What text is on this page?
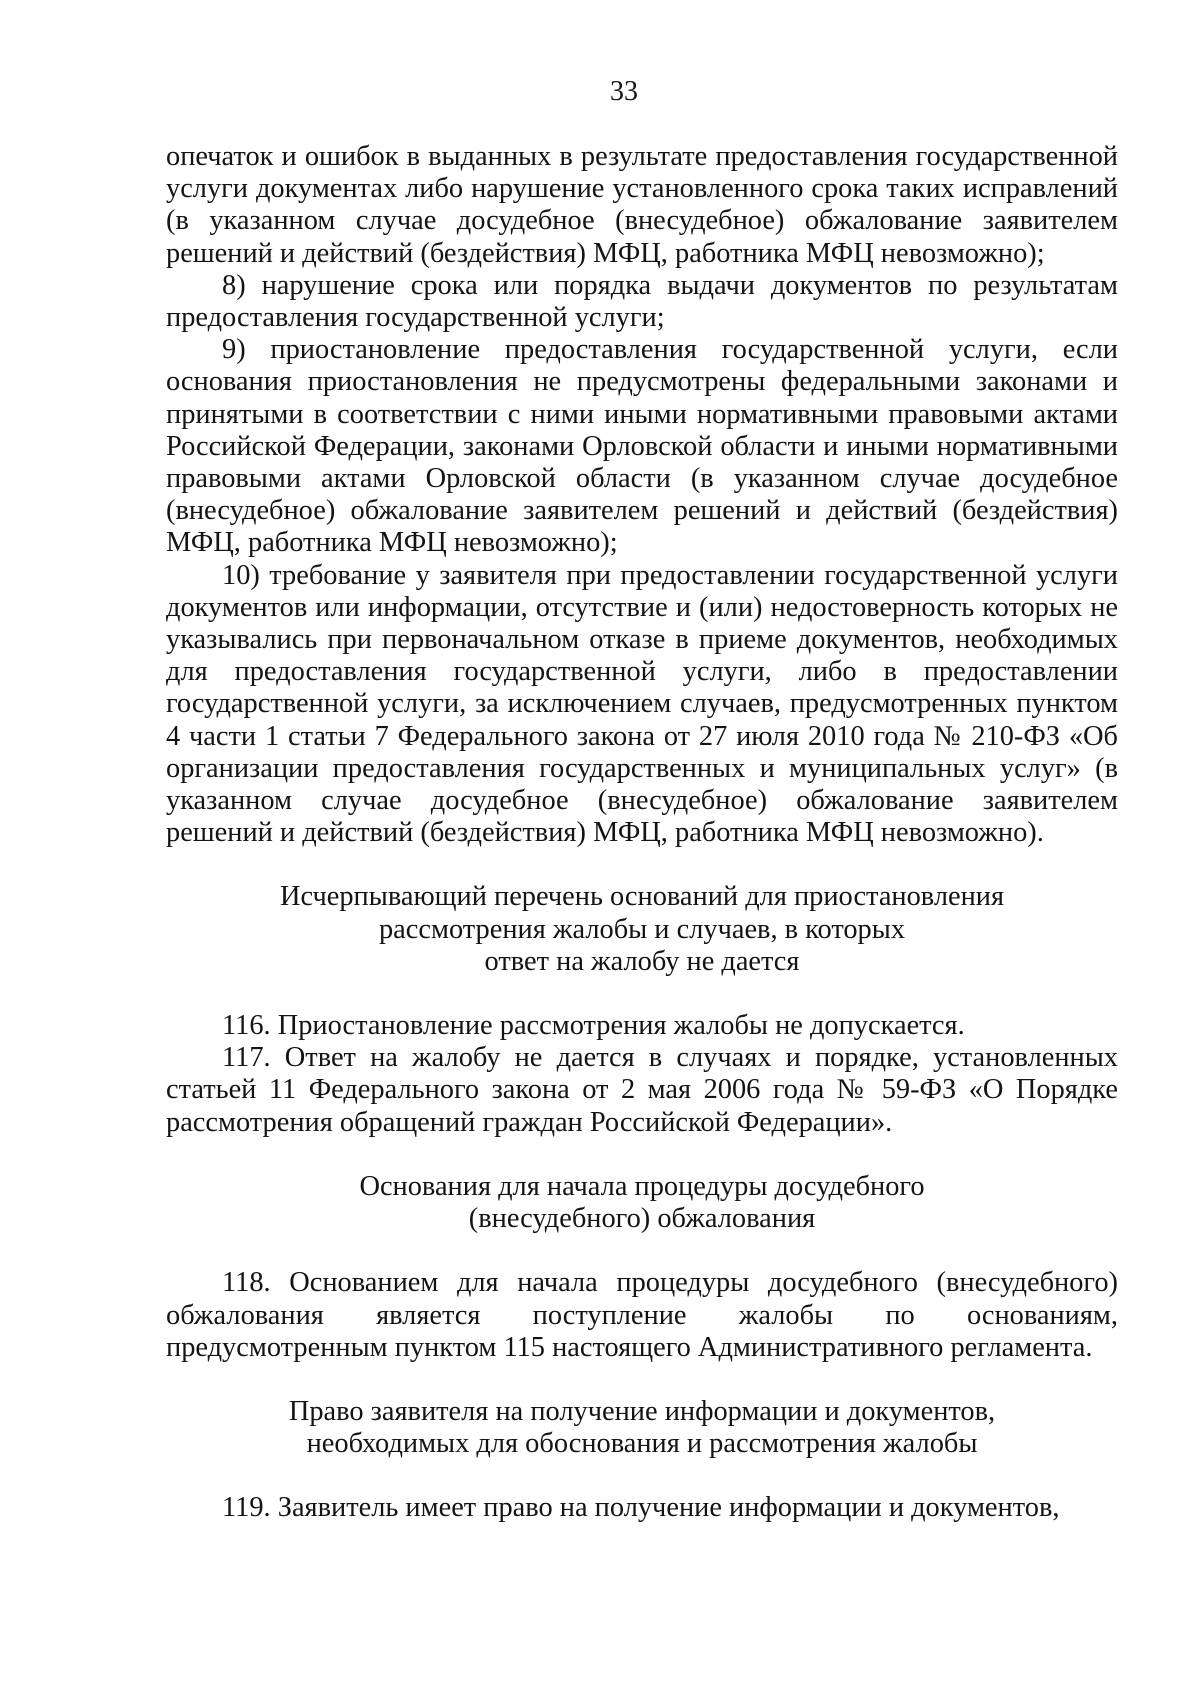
33

опечаток и ошибок в выданных в результате предоставления государственной услуги документах либо нарушение установленного срока таких исправлений (в указанном случае досудебное (внесудебное) обжалование заявителем решений и действий (бездействия) МФЦ, работника МФЦ невозможно);

8) нарушение срока или порядка выдачи документов по результатам предоставления государственной услуги;

9) приостановление предоставления государственной услуги, если основания приостановления не предусмотрены федеральными законами и принятыми в соответствии с ними иными нормативными правовыми актами Российской Федерации, законами Орловской области и иными нормативными правовыми актами Орловской области (в указанном случае досудебное (внесудебное) обжалование заявителем решений и действий (бездействия) МФЦ, работника МФЦ невозможно);

10) требование у заявителя при предоставлении государственной услуги документов или информации, отсутствие и (или) недостоверность которых не указывались при первоначальном отказе в приеме документов, необходимых для предоставления государственной услуги, либо в предоставлении государственной услуги, за исключением случаев, предусмотренных пунктом 4 части 1 статьи 7 Федерального закона от 27 июля 2010 года № 210-ФЗ «Об организации предоставления государственных и муниципальных услуг» (в указанном случае досудебное (внесудебное) обжалование заявителем решений и действий (бездействия) МФЦ, работника МФЦ невозможно).

Исчерпывающий перечень оснований для приостановления
рассмотрения жалобы и случаев, в которых
ответ на жалобу не дается

116. Приостановление рассмотрения жалобы не допускается.

117. Ответ на жалобу не дается в случаях и порядке, установленных статьей 11 Федерального закона от 2 мая 2006 года № 59-ФЗ «О Порядке рассмотрения обращений граждан Российской Федерации».

Основания для начала процедуры досудебного
(внесудебного) обжалования

118. Основанием для начала процедуры досудебного (внесудебного) обжалования является поступление жалобы по основаниям, предусмотренным пунктом 115 настоящего Административного регламента.

Право заявителя на получение информации и документов,
необходимых для обоснования и рассмотрения жалобы

119. Заявитель имеет право на получение информации и документов,
